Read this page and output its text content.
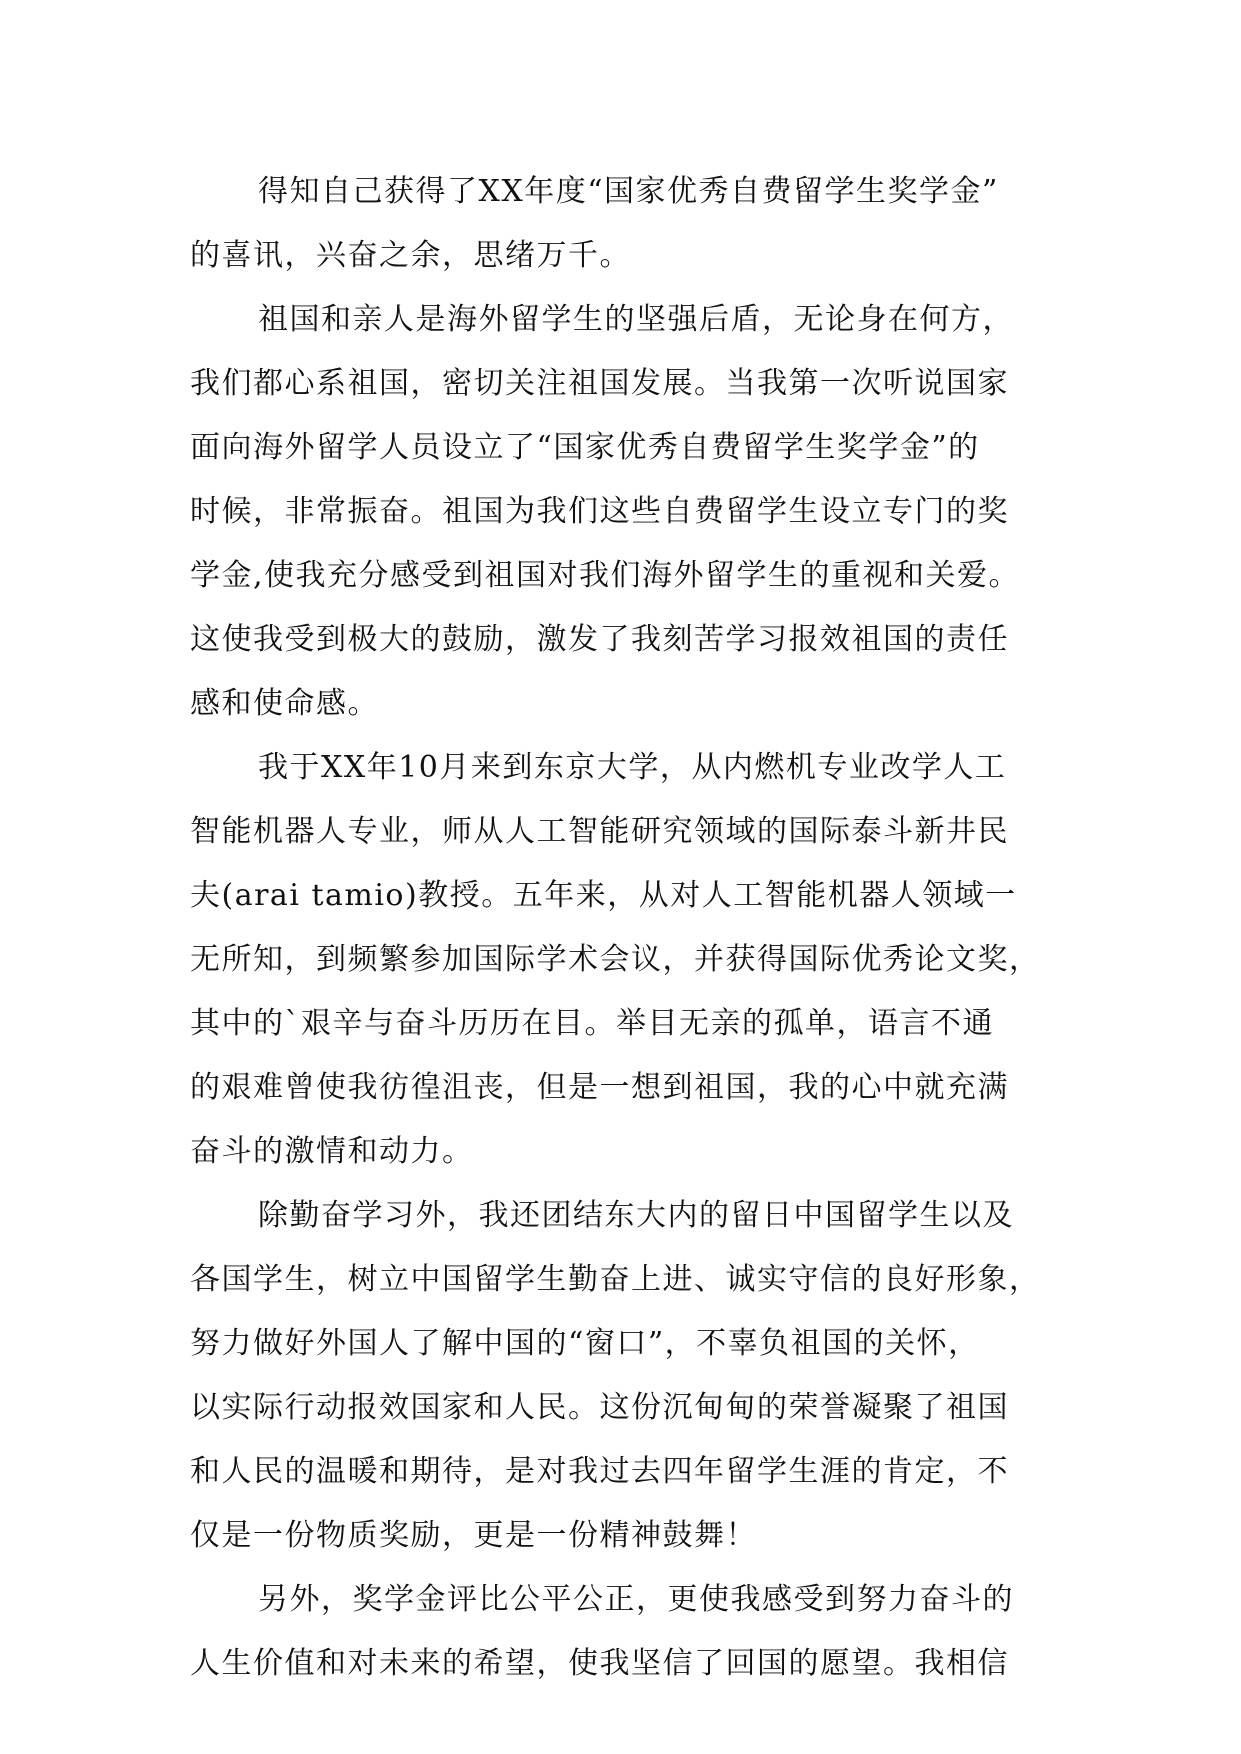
得知自己获得了XX年度“国家优秀自费留学生奖学金”
的喜讯，兴奋之余，思绪万千。
祖国和亲人是海外留学生的坚强后盾，无论身在何方，
我们都心系祖国，密切关注祖国发展。当我第一次听说国家
面向海外留学人员设立了“国家优秀自费留学生奖学金”的
时候，非常振奋。祖国为我们这些自费留学生设立专门的奖
学金,使我充分感受到祖国对我们海外留学生的重视和关爱。
这使我受到极大的鼓励，激发了我刻苦学习报效祖国的责任
感和使命感。
我于XX年10月来到东京大学，从内燃机专业改学人工
智能机器人专业，师从人工智能研究领域的国际泰斗新井民
夫(arai tamio)教授。五年来，从对人工智能机器人领域一
无所知，到频繁参加国际学术会议，并获得国际优秀论文奖，
其中的`艰辛与奋斗历历在目。举目无亲的孤单，语言不通
的艰难曾使我彷徨沮丧，但是一想到祖国，我的心中就充满
奋斗的激情和动力。
除勤奋学习外，我还团结东大内的留日中国留学生以及
各国学生，树立中国留学生勤奋上进、诚实守信的良好形象，
努力做好外国人了解中国的“窗口”，不辜负祖国的关怀，
以实际行动报效国家和人民。这份沉甸甸的荣誉凝聚了祖国
和人民的温暖和期待，是对我过去四年留学生涯的肯定，不
仅是一份物质奖励，更是一份精神鼓舞！
另外，奖学金评比公平公正，更使我感受到努力奋斗的
人生价值和对未来的希望，使我坚信了回国的愿望。我相信
